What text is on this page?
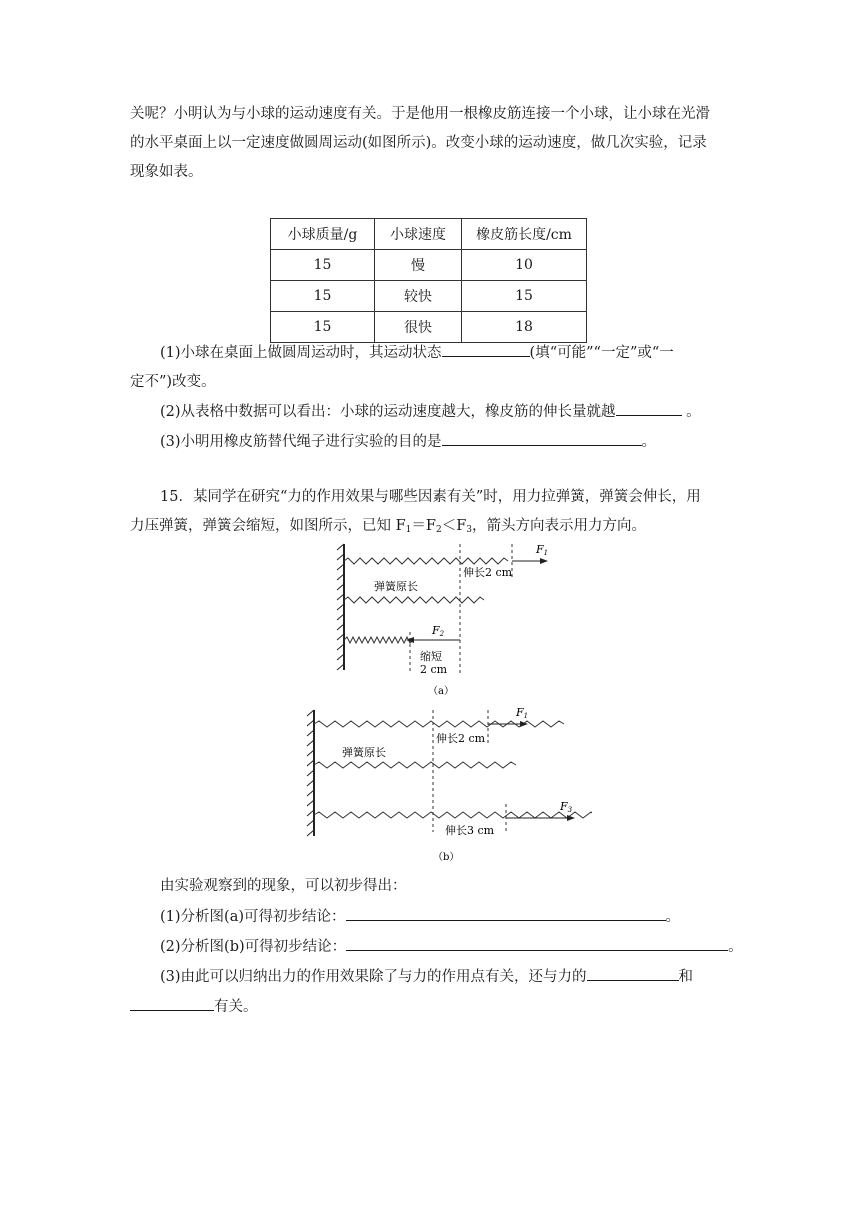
关呢？小明认为与小球的运动速度有关。于是他用一根橡皮筋连接一个小球，让小球在光滑
的水平桌面上以一定速度做圆周运动(如图所示)。改变小球的运动速度，做几次实验，记录
现象如表。
小球质量/g	小球速度	橡皮筋长度/cm
15	慢	10
15	较快	15
15	很快	18
(1)小球在桌面上做圆周运动时，其运动状态	(填“可能”“一定”或“一
定不”)改变。
(2)从表格中数据可以看出：小球的运动速度越大，橡皮筋的伸长量就越	。
(3)小明用橡皮筋替代绳子进行实验的目的是	。
15．某同学在研究“力的作用效果与哪些因素有关”时，用力拉弹簧，弹簧会伸长，用
力压弹簧，弹簧会缩短，如图所示，已知 $F_1=F_2<F_3$，箭头方向表示用力方向。
F1
伸长2 cm
弹簧原长
F2
缩短
2 cm
（a）
F1
伸长2 cm
弹簧原长
F3
伸长3 cm
（b）
由实验观察到的现象，可以初步得出：
(1)分析图(a)可得初步结论：	。
(2)分析图(b)可得初步结论：	。
(3)由此可以归纳出力的作用效果除了与力的作用点有关，还与力的	和
有关。
